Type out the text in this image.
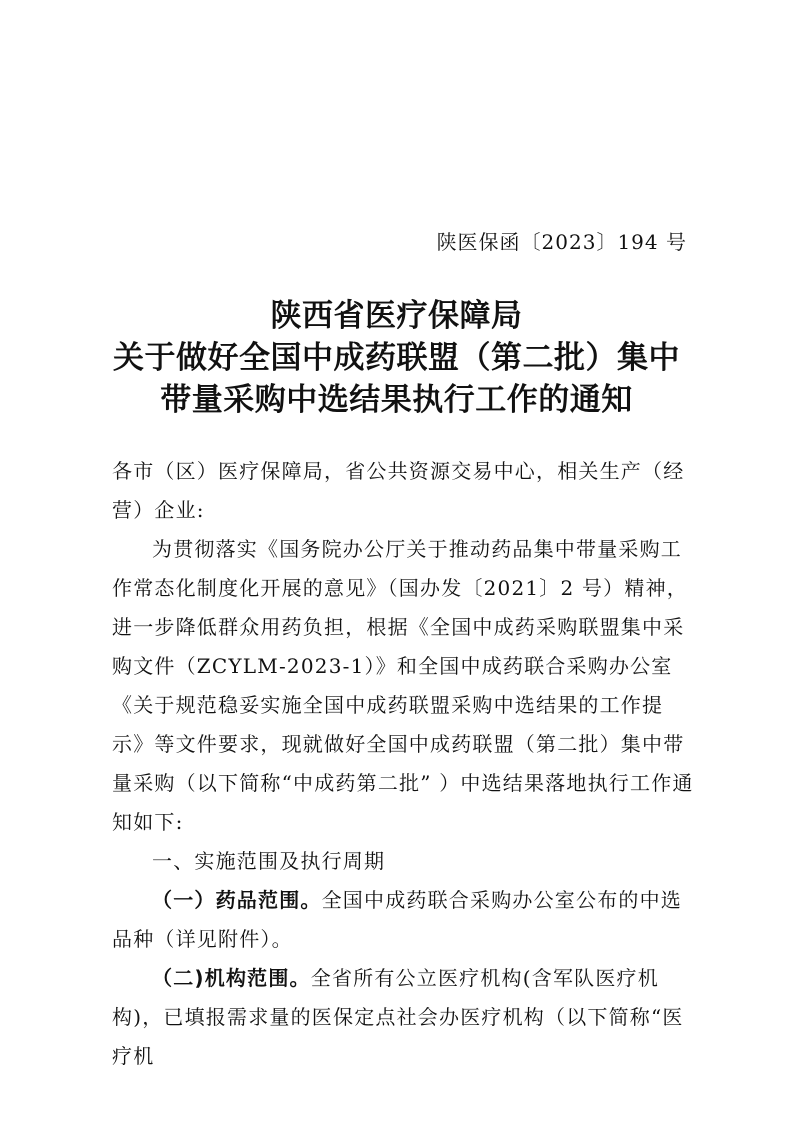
陕医保函〔2023〕194 号
陕西省医疗保障局
关于做好全国中成药联盟（第二批）集中
带量采购中选结果执行工作的通知

各市（区）医疗保障局，省公共资源交易中心，相关生产（经营）企业:

为贯彻落实《国务院办公厅关于推动药品集中带量采购工作常态化制度化开展的意见》（国办发〔2021〕2 号）精神，进一步降低群众用药负担，根据《全国中成药采购联盟集中采购文件（ZCYLM-2023-1）》和全国中成药联合采购办公室《关于规范稳妥实施全国中成药联盟采购中选结果的工作提示》等文件要求，现就做好全国中成药联盟（第二批）集中带量采购（以下简称“中成药第二批” ）中选结果落地执行工作通知如下:

一、实施范围及执行周期

（一）药品范围。全国中成药联合采购办公室公布的中选品种（详见附件）。

（二)机构范围。全省所有公立医疗机构(含军队医疗机构)，已填报需求量的医保定点社会办医疗机构（以下简称“医疗机
